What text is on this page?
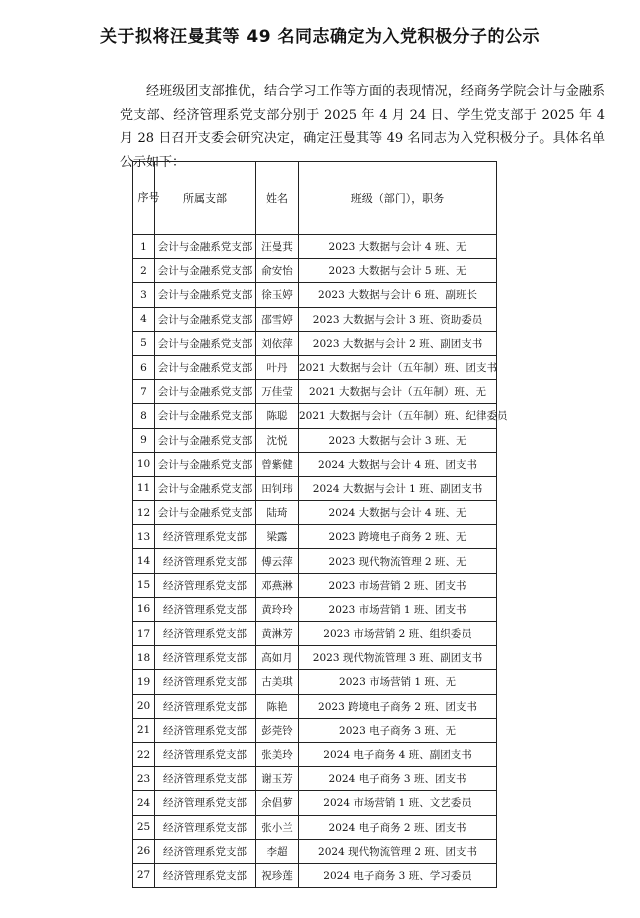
关于拟将汪曼萁等 49 名同志确定为入党积极分子的公示
经班级团支部推优，结合学习工作等方面的表现情况，经商务学院会计与金融系党支部、经济管理系党支部分别于 2025 年 4 月 24 日、学生党支部于 2025 年 4 月 28 日召开支委会研究决定，确定汪曼萁等 49 名同志为入党积极分子。具体名单公示如下：
序号	所属支部	姓名	班级（部门），职务
1	会计与金融系党支部	汪曼萁	2023 大数据与会计 4 班、无
2	会计与金融系党支部	俞安怡	2023 大数据与会计 5 班、无
3	会计与金融系党支部	徐玉婷	2023 大数据与会计 6 班、副班长
4	会计与金融系党支部	邵雪婷	2023 大数据与会计 3 班、资助委员
5	会计与金融系党支部	刘依萍	2023 大数据与会计 2 班、副团支书
6	会计与金融系党支部	叶丹	2021 大数据与会计（五年制）班、团支书
7	会计与金融系党支部	万佳莹	2021 大数据与会计（五年制）班、无
8	会计与金融系党支部	陈聪	2021 大数据与会计（五年制）班、纪律委员
9	会计与金融系党支部	沈悦	2023 大数据与会计 3 班、无
10	会计与金融系党支部	曾紫健	2024 大数据与会计 4 班、团支书
11	会计与金融系党支部	田钊玮	2024 大数据与会计 1 班、副团支书
12	会计与金融系党支部	陆琦	2024 大数据与会计 4 班、无
13	经济管理系党支部	梁露	2023 跨境电子商务 2 班、无
14	经济管理系党支部	傅云萍	2023 现代物流管理 2 班、无
15	经济管理系党支部	邓燕淋	2023 市场营销 2 班、团支书
16	经济管理系党支部	黄玲玲	2023 市场营销 1 班、团支书
17	经济管理系党支部	黄淋芳	2023 市场营销 2 班、组织委员
18	经济管理系党支部	高如月	2023 现代物流管理 3 班、副团支书
19	经济管理系党支部	古美琪	2023 市场营销 1 班、无
20	经济管理系党支部	陈艳	2023 跨境电子商务 2 班、团支书
21	经济管理系党支部	彭莞铃	2023 电子商务 3 班、无
22	经济管理系党支部	张美玲	2024 电子商务 4 班、副团支书
23	经济管理系党支部	谢玉芳	2024 电子商务 3 班、团支书
24	经济管理系党支部	余倡萝	2024 市场营销 1 班、文艺委员
25	经济管理系党支部	张小兰	2024 电子商务 2 班、团支书
26	经济管理系党支部	李超	2024 现代物流管理 2 班、团支书
27	经济管理系党支部	祝珍莲	2024 电子商务 3 班、学习委员
